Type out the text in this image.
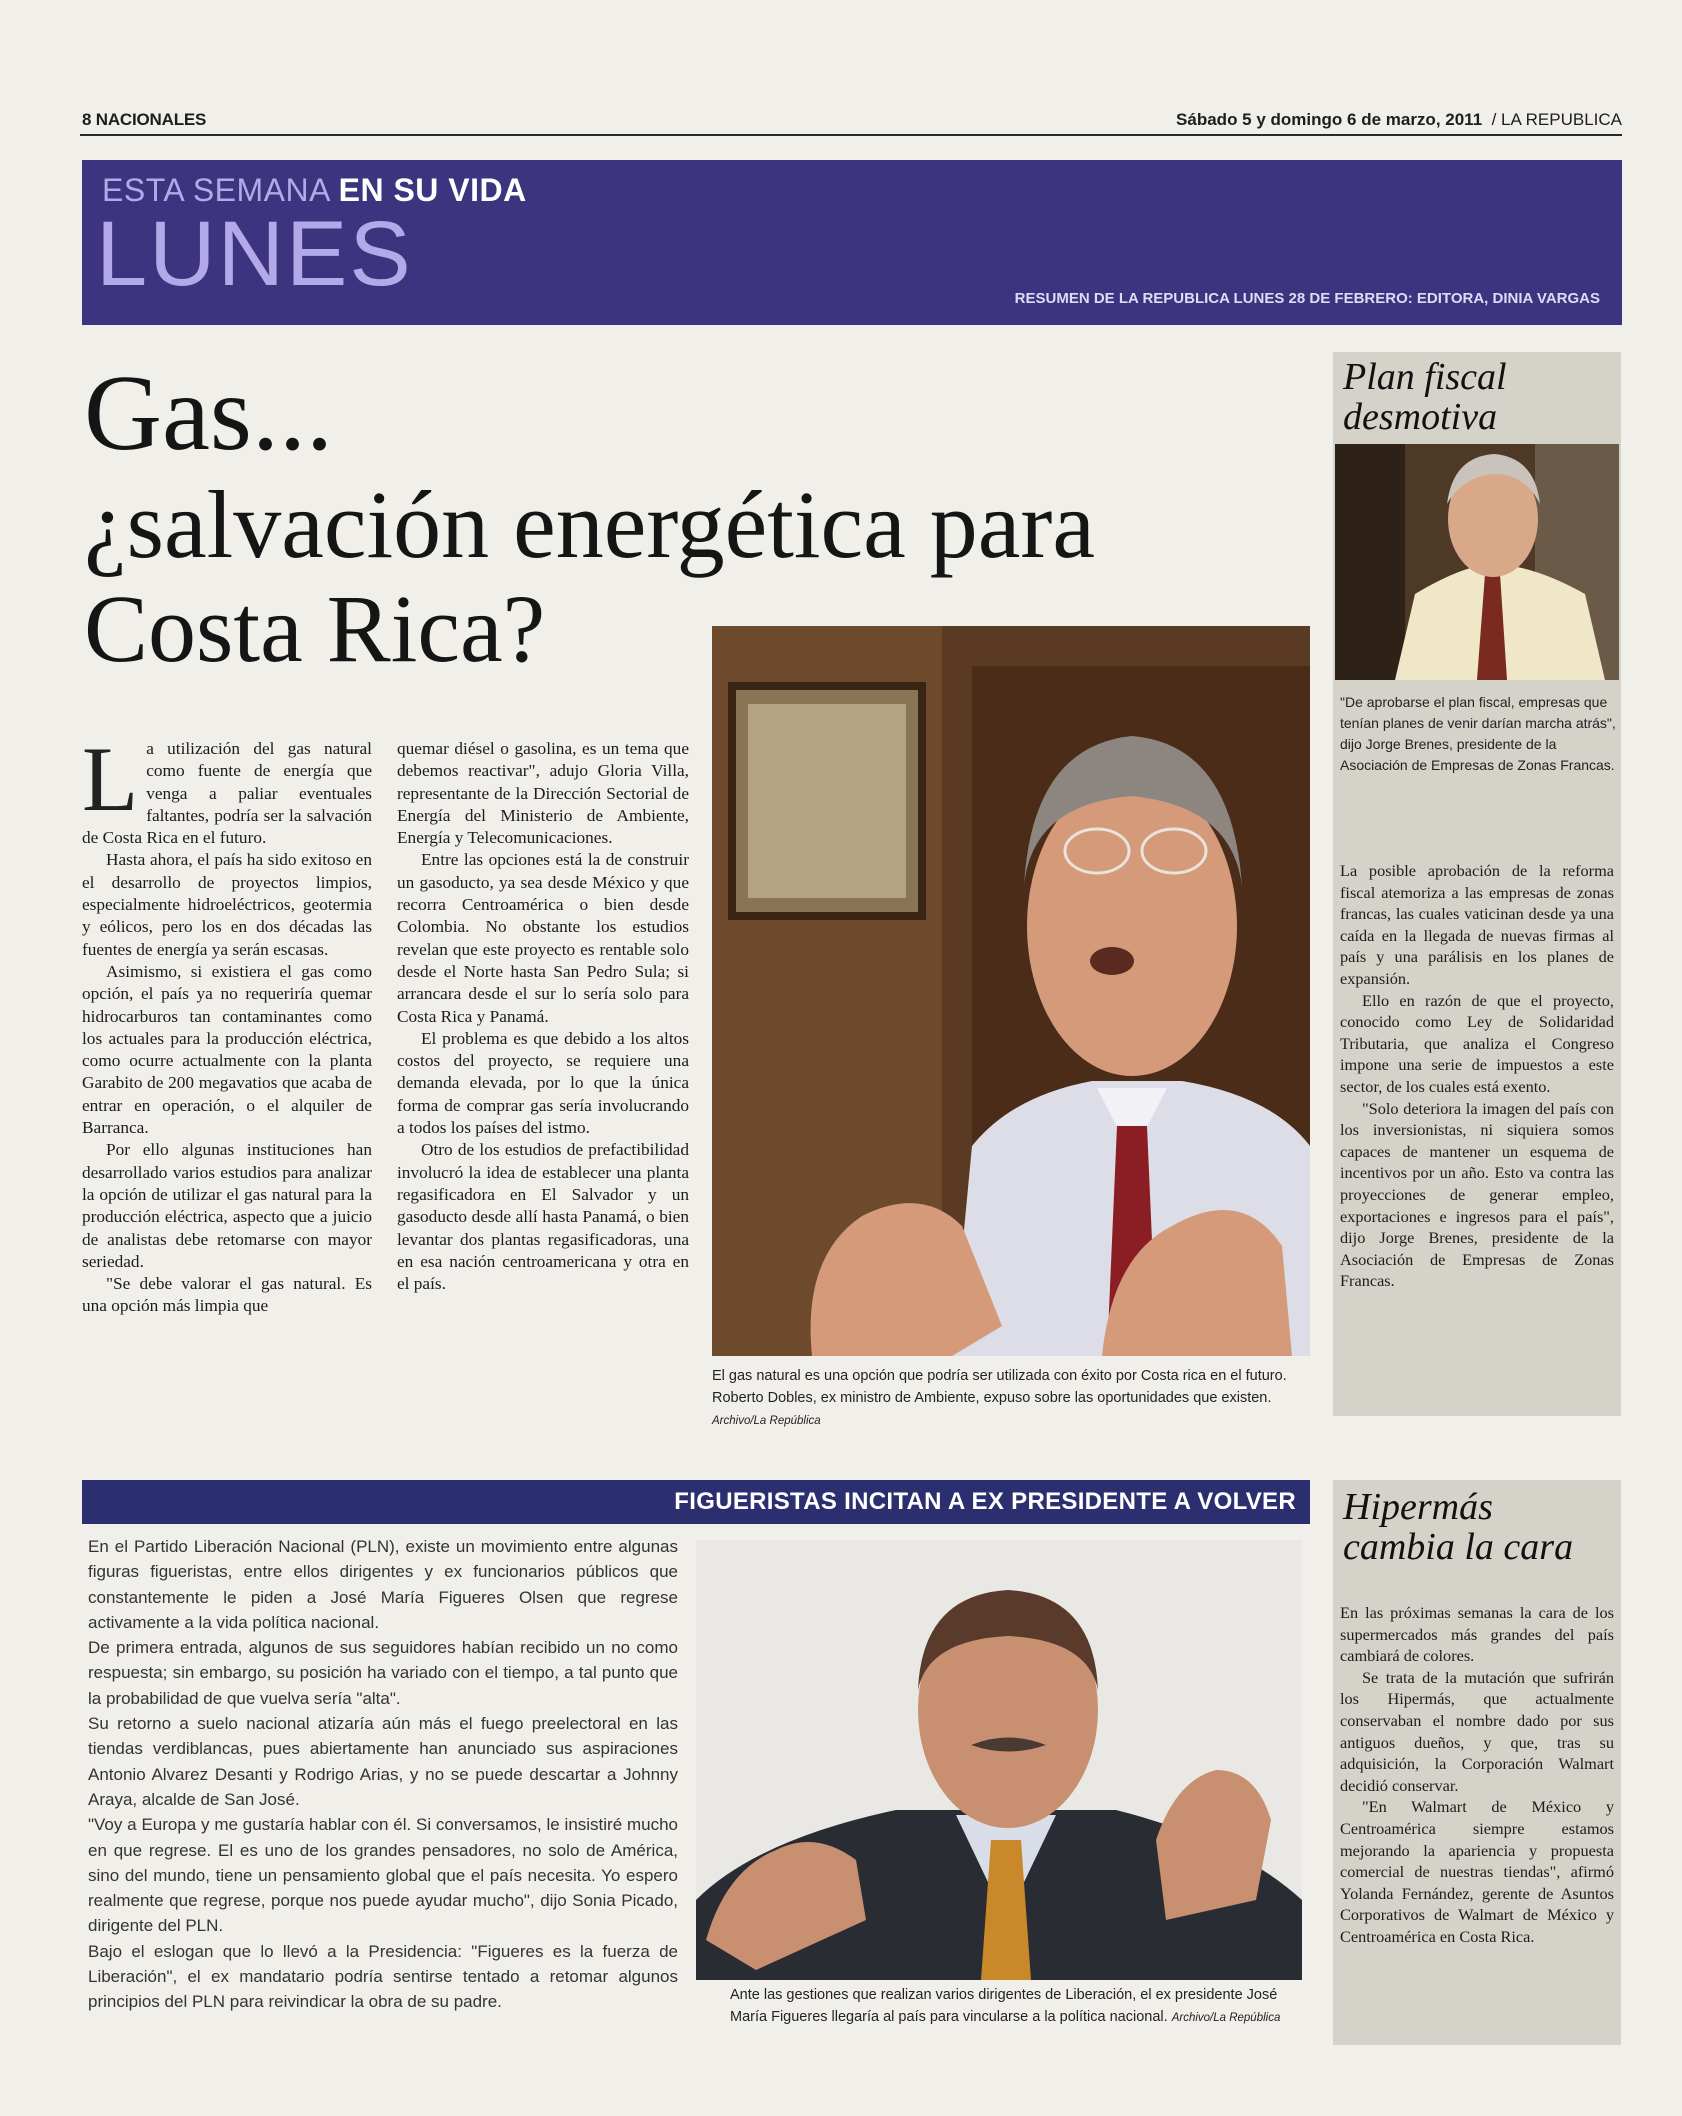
8 NACIONALES	Sábado 5 y domingo 6 de marzo, 2011 / LA REPUBLICA
ESTA SEMANA EN SU VIDA
LUNES	RESUMEN DE LA REPUBLICA LUNES 28 DE FEBRERO: EDITORA, DINIA VARGAS
Gas...
¿salvación energética para
Costa Rica?

La utilización del gas natural como fuente de energía que venga a paliar eventuales faltantes, podría ser la salvación de Costa Rica en el futuro.

Hasta ahora, el país ha sido exitoso en el desarrollo de proyectos limpios, especialmente hidroeléctricos, geotermia y eólicos, pero los en dos décadas las fuentes de energía ya serán escasas.

Asimismo, si existiera el gas como opción, el país ya no requeriría quemar hidrocarburos tan contaminantes como los actuales para la producción eléctrica, como ocurre actualmente con la planta Garabito de 200 megavatios que acaba de entrar en operación, o el alquiler de Barranca.

Por ello algunas instituciones han desarrollado varios estudios para analizar la opción de utilizar el gas natural para la producción eléctrica, aspecto que a juicio de analistas debe retomarse con mayor seriedad.

"Se debe valorar el gas natural. Es una opción más limpia que

quemar diésel o gasolina, es un tema que debemos reactivar", adujo Gloria Villa, representante de la Dirección Sectorial de Energía del Ministerio de Ambiente, Energía y Telecomunicaciones.

Entre las opciones está la de construir un gasoducto, ya sea desde México y que recorra Centroamérica o bien desde Colombia. No obstante los estudios revelan que este proyecto es rentable solo desde el Norte hasta San Pedro Sula; si arrancara desde el sur lo sería solo para Costa Rica y Panamá.

El problema es que debido a los altos costos del proyecto, se requiere una demanda elevada, por lo que la única forma de comprar gas sería involucrando a todos los países del istmo.

Otro de los estudios de prefactibilidad involucró la idea de establecer una planta regasificadora en El Salvador y un gasoducto desde allí hasta Panamá, o bien levantar dos plantas regasificadoras, una en esa nación centroamericana y otra en el país.

El gas natural es una opción que podría ser utilizada con éxito por Costa rica en el futuro. Roberto Dobles, ex ministro de Ambiente, expuso sobre las oportunidades que existen.
Archivo/La República
Plan fiscal
desmotiva
"De aprobarse el plan fiscal, empresas que tenían planes de venir darían marcha atrás", dijo Jorge Brenes, presidente de la Asociación de Empresas de Zonas Francas.

La posible aprobación de la reforma fiscal atemoriza a las empresas de zonas francas, las cuales vaticinan desde ya una caída en la llegada de nuevas firmas al país y una parálisis en los planes de expansión.

Ello en razón de que el proyecto, conocido como Ley de Solidaridad Tributaria, que analiza el Congreso impone una serie de impuestos a este sector, de los cuales está exento.

"Solo deteriora la imagen del país con los inversionistas, ni siquiera somos capaces de mantener un esquema de incentivos por un año. Esto va contra las proyecciones de generar empleo, exportaciones e ingresos para el país", dijo Jorge Brenes, presidente de la Asociación de Empresas de Zonas Francas.

Hipermás
cambia la cara

En las próximas semanas la cara de los supermercados más grandes del país cambiará de colores.

Se trata de la mutación que sufrirán los Hipermás, que actualmente conservaban el nombre dado por sus antiguos dueños, y que, tras su adquisición, la Corporación Walmart decidió conservar.

"En Walmart de México y Centroamérica siempre estamos mejorando la apariencia y propuesta comercial de nuestras tiendas", afirmó Yolanda Fernández, gerente de Asuntos Corporativos de Walmart de México y Centroamérica en Costa Rica.

FIGUERISTAS INCITAN A EX PRESIDENTE A VOLVER

En el Partido Liberación Nacional (PLN), existe un movimiento entre algunas figuras figueristas, entre ellos dirigentes y ex funcionarios públicos que constantemente le piden a José María Figueres Olsen que regrese activamente a la vida política nacional.

De primera entrada, algunos de sus seguidores habían recibido un no como respuesta; sin embargo, su posición ha variado con el tiempo, a tal punto que la probabilidad de que vuelva sería "alta".

Su retorno a suelo nacional atizaría aún más el fuego preelectoral en las tiendas verdiblancas, pues abiertamente han anunciado sus aspiraciones Antonio Alvarez Desanti y Rodrigo Arias, y no se puede descartar a Johnny Araya, alcalde de San José.

"Voy a Europa y me gustaría hablar con él. Si conversamos, le insistiré mucho en que regrese. El es uno de los grandes pensadores, no solo de América, sino del mundo, tiene un pensamiento global que el país necesita. Yo espero realmente que regrese, porque nos puede ayudar mucho", dijo Sonia Picado, dirigente del PLN.

Bajo el eslogan que lo llevó a la Presidencia: "Figueres es la fuerza de Liberación", el ex mandatario podría sentirse tentado a retomar algunos principios del PLN para reivindicar la obra de su padre.	Ante las gestiones que realizan varios dirigentes de Liberación, el ex presidente José María Figueres llegaría al país para vincularse a la política nacional. Archivo/La República
